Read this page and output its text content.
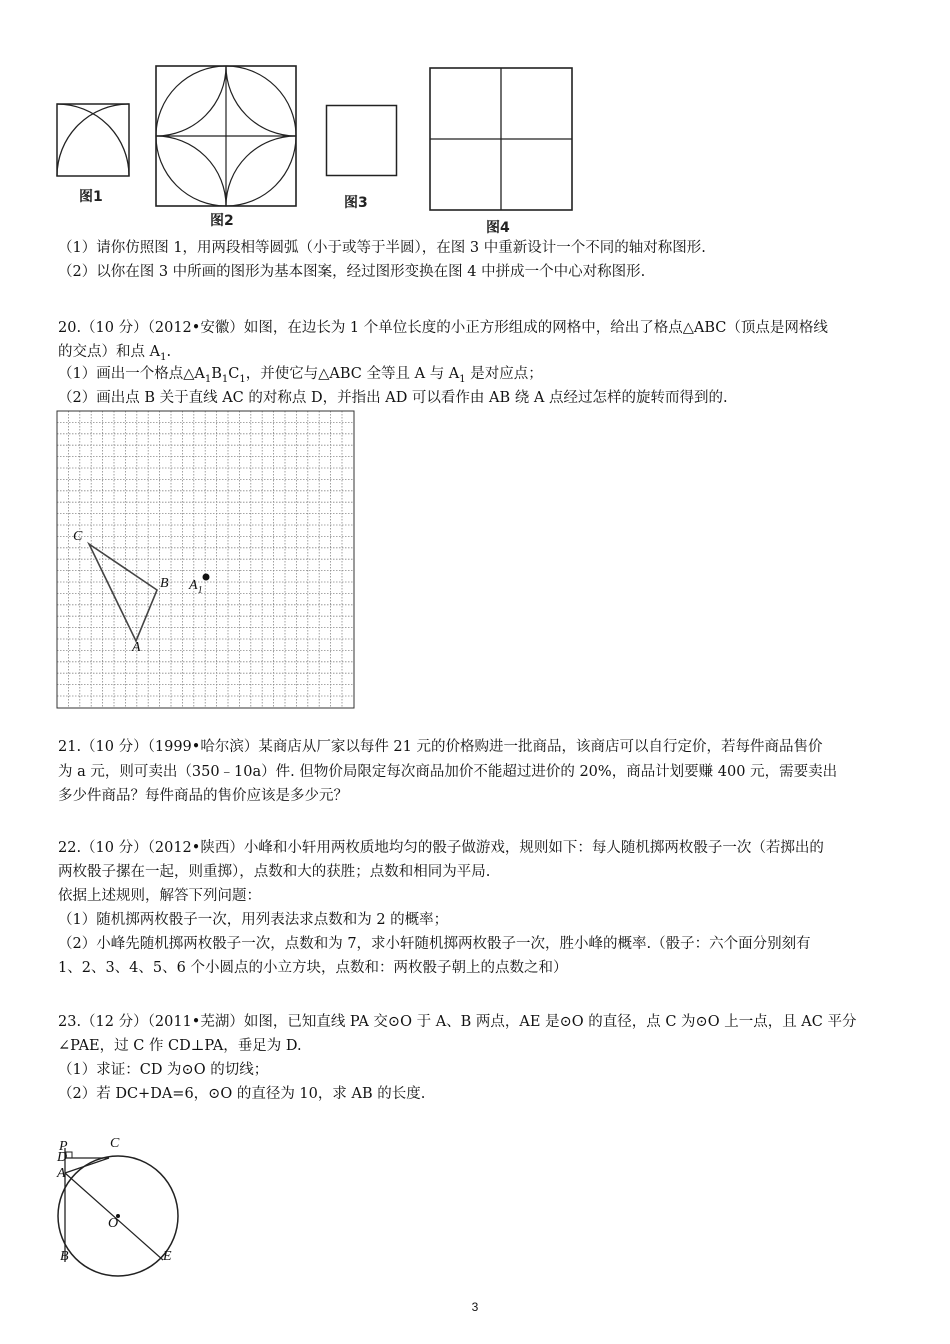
图1
图2
图3
图4
（1）请你仿照图 1，用两段相等圆弧（小于或等于半圆），在图 3 中重新设计一个不同的轴对称图形.
（2）以你在图 3 中所画的图形为基本图案，经过图形变换在图 4 中拼成一个中心对称图形.
20.（10 分）（2012•安徽）如图，在边长为 1 个单位长度的小正方形组成的网格中，给出了格点△ABC（顶点是网格线
的交点）和点 $A_1$.
（1）画出一个格点$\triangle A_1B_1C_1$，并使它与△ABC 全等且 A 与 $A_1$ 是对应点；
（2）画出点 B 关于直线 AC 的对称点 D，并指出 AD 可以看作由 AB 绕 A 点经过怎样的旋转而得到的.
C
B
A
$A_1$
21.（10 分）（1999•哈尔滨）某商店从厂家以每件 21 元的价格购进一批商品，该商店可以自行定价，若每件商品售价
为 a 元，则可卖出（350﹣10a）件. 但物价局限定每次商品加价不能超过进价的 20%，商品计划要赚 400 元，需要卖出
多少件商品？每件商品的售价应该是多少元？
22.（10 分）（2012•陕西）小峰和小轩用两枚质地均匀的骰子做游戏，规则如下：每人随机掷两枚骰子一次（若掷出的
两枚骰子摞在一起，则重掷），点数和大的获胜；点数和相同为平局.
依据上述规则，解答下列问题：
（1）随机掷两枚骰子一次，用列表法求点数和为 2 的概率；
（2）小峰先随机掷两枚骰子一次，点数和为 7，求小轩随机掷两枚骰子一次，胜小峰的概率.（骰子：六个面分别刻有
1、2、3、4、5、6 个小圆点的小立方块，点数和：两枚骰子朝上的点数之和）
23.（12 分）（2011•芜湖）如图，已知直线 PA 交⊙O 于 A、B 两点，AE 是⊙O 的直径，点 C 为⊙O 上一点，且 AC 平分
∠PAE，过 C 作 CD⊥PA，垂足为 D.
（1）求证：CD 为⊙O 的切线；
（2）若 DC+DA=6，⊙O 的直径为 10，求 AB 的长度.
P
D
C
A
O
B	E
3
